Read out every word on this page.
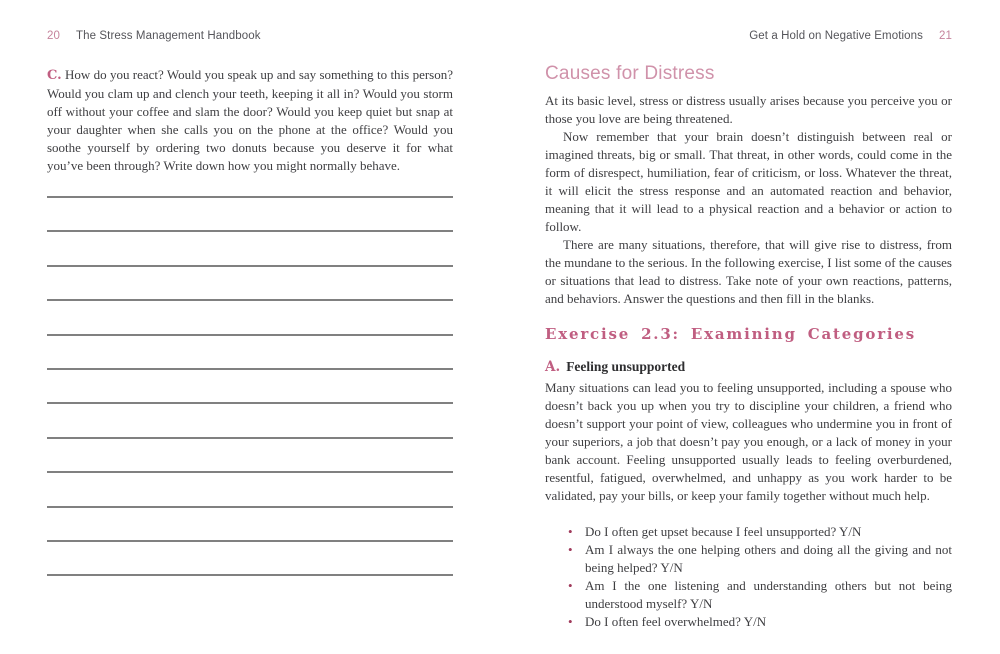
20 The Stress Management Handbook

C. How do you react? Would you speak up and say something to this person? Would you clam up and clench your teeth, keeping it all in? Would you storm off without your coffee and slam the door? Would you keep quiet but snap at your daughter when she calls you on the phone at the office? Would you soothe yourself by ordering two donuts because you deserve it for what you’ve been through? Write down how you might normally behave.

Get a Hold on Negative Emotions 21
Causes for Distress

At its basic level, stress or distress usually arises because you perceive you or those you love are being threatened.

Now remember that your brain doesn’t distinguish between real or imagined threats, big or small. That threat, in other words, could come in the form of disrespect, humiliation, fear of criticism, or loss. Whatever the threat, it will elicit the stress response and an automated reaction and behavior, meaning that it will lead to a physical reaction and a behavior or action to follow.

There are many situations, therefore, that will give rise to distress, from the mundane to the serious. In the following exercise, I list some of the causes or situations that lead to distress. Take note of your own reactions, patterns, and behaviors. Answer the questions and then fill in the blanks.

Exercise 2.3: Examining Categories
A. Feeling unsupported

Many situations can lead you to feeling unsupported, including a spouse who doesn’t back you up when you try to discipline your children, a friend who doesn’t support your point of view, colleagues who undermine you in front of your superiors, a job that doesn’t pay you enough, or a lack of money in your bank account. Feeling unsupported usually leads to feeling overburdened, resentful, fatigued, overwhelmed, and unhappy as you work harder to be validated, pay your bills, or keep your family together without much help.

• Do I often get upset because I feel unsupported? Y/N
• Am I always the one helping others and doing all the giving and not being helped? Y/N
• Am I the one listening and understanding others but not being understood myself? Y/N
• Do I often feel overwhelmed? Y/N
